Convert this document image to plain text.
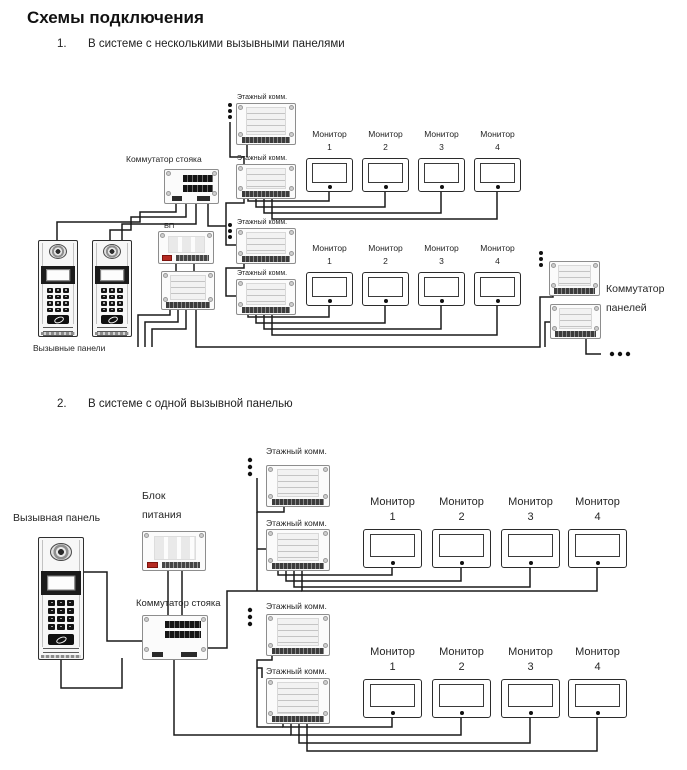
Схемы подключения
1. В системе с несколькими вызывными панелями
2. В системе с одной вызывной панелью
Этажный комм.
Коммутатор стояка	Этажный комм.
БП	Этажный комм.
Этажный комм.
Монитор
1
Монитор
2
Монитор
3
Монитор
4
Монитор
1
Монитор
2
Монитор
3
Монитор
4
Вызывные панели
Коммутатор
панелей
Этажный комм.
Этажный комм.
Вызывная панель
Блок
питания
Коммутатор стояка	Этажный комм.
Этажный комм.
Монитор
1
Монитор
2
Монитор
3
Монитор
4
Монитор
1
Монитор
2
Монитор
3
Монитор
4
